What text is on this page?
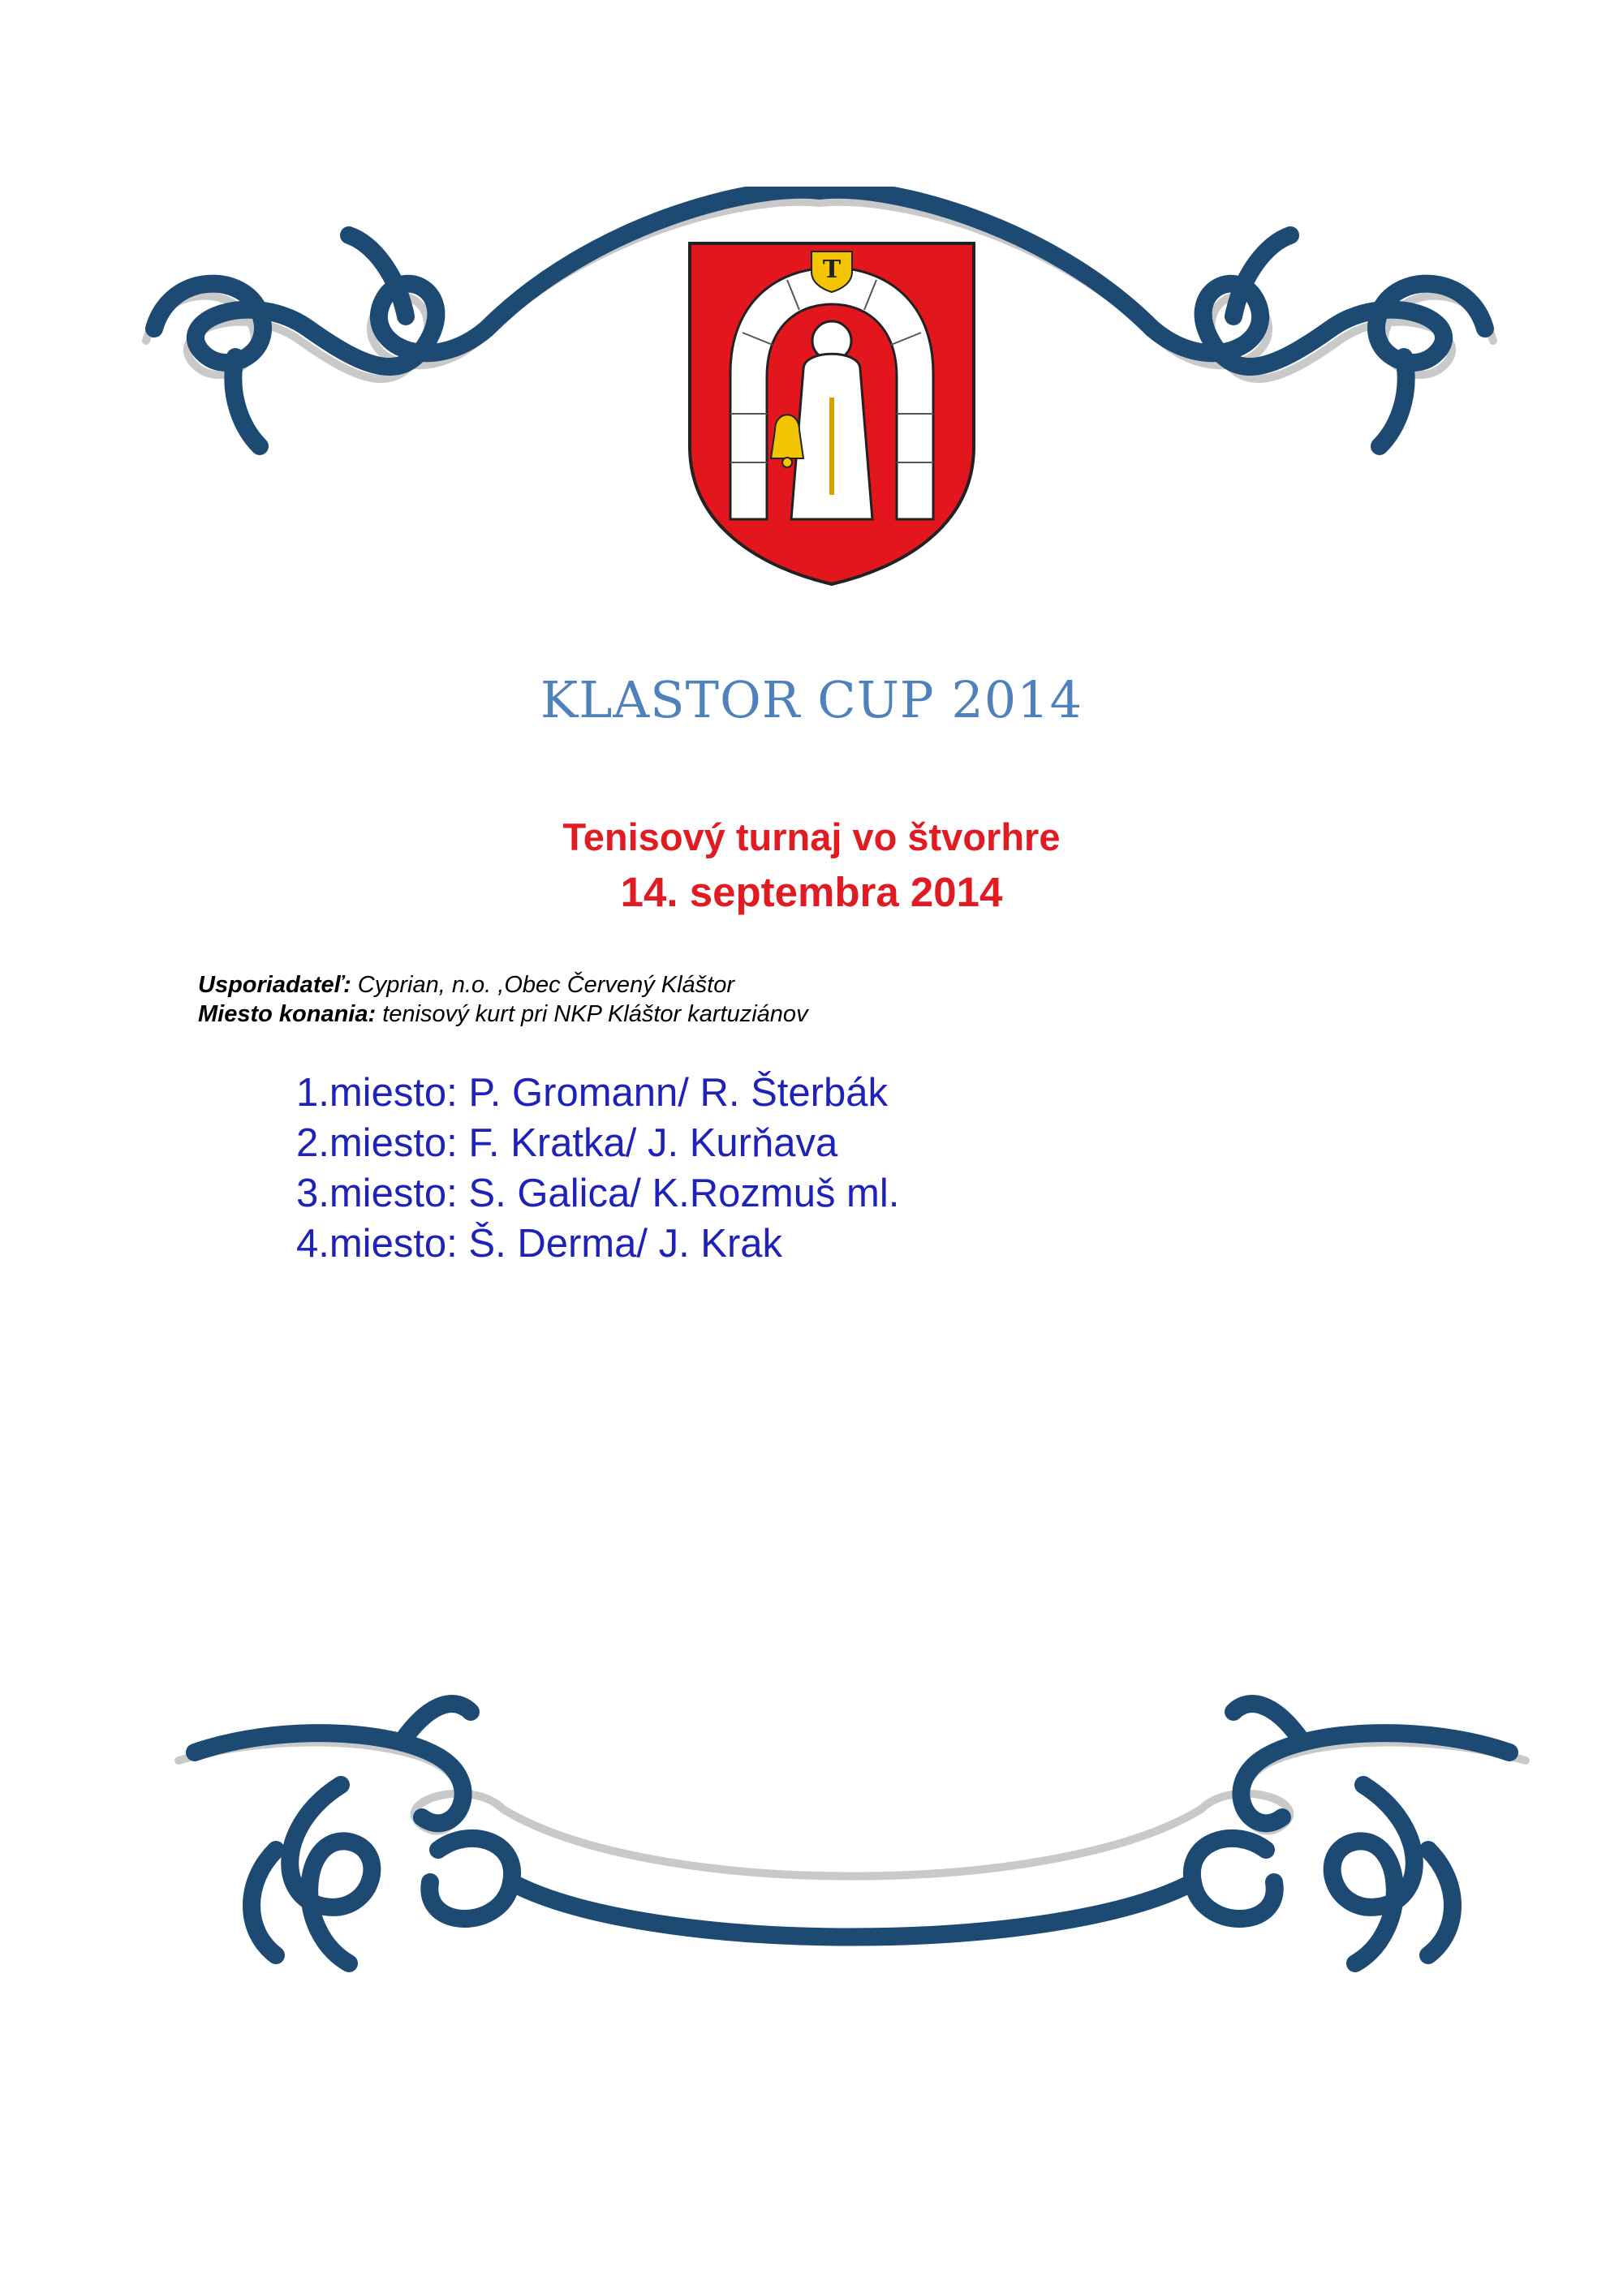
T
KLASTOR CUP 2014
Tenisový turnaj vo štvorhre
14. septembra 2014
Usporiadateľ: Cyprian, n.o. ,Obec Červený Kláštor
Miesto konania: tenisový kurt pri NKP Kláštor kartuziánov
1.miesto: P. Gromann/ R. Šterbák
2.miesto: F. Kratka/ J. Kurňava
3.miesto: S. Galica/ K.Rozmuš ml.
4.miesto: Š. Derma/ J. Krak
